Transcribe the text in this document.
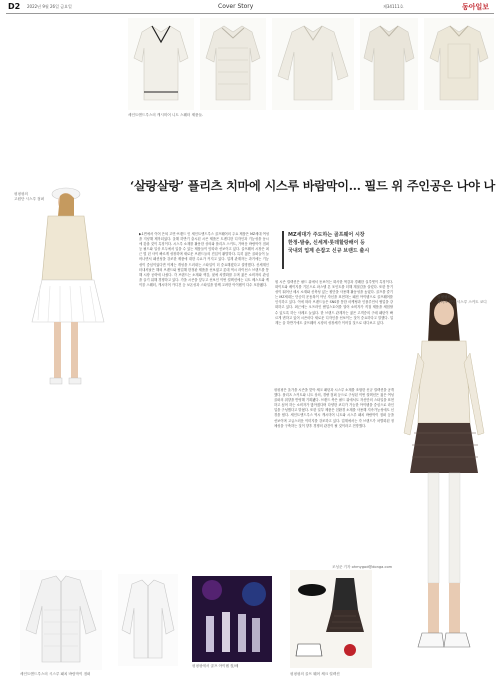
D2 2022년 9월 26일 금요일	Cover Story	제34111호	동아일보
세인트앤드루스의 캐시미어 니트 스웨터 제품들.
핑핑핑의
고원단 시스루 점퍼
핑핑핑의
체어크 원단 시스루 스커트 코디
‘살랑살랑’ 플리츠 치마에 시스루 바람막이… 필드 위 주인공은 나야 나
MZ세대가 주도하는 골프웨어 시장
한정-발송, 신세계·롯데할랑배이 등
국내외 업계 손잡고 신규 브랜드 출시
▶1면에서 이어 은퇴 고연·브랜드 인 세인트앤드루스 골프웨어의 주요 제품은 MZ세대 여성을 겨냥해 제작되었다. 올해 하반기 출시된 시즌 제품은 트렌디한 디자인과 기능성을 동시에 갖춘 것이 특징이다. 시스루 소재를 활용한 상의와 플리츠 스커트, 가벼운 바람막이 점퍼 등 필드와 일상 모두에서 입을 수 있는 제품들이 잇따라 선보이고 있다. 골프웨어 시장은 최근 몇 년 사이 빠르게 성장하며 새로운 브랜드들의 진입이 활발하다. 특히 젊은 골퍼들이 늘어나면서 패션성을 강조한 제품에 대한 수요가 커지고 있다. 업계 관계자는 과거에는 기능성이 중심이었다면 이제는 개성을 드러내는 스타일이 더 중요해졌다고 설명했다. 신세계인터내셔날은 해외 브랜드와 협업해 한정판 제품을 선보였고 롯데 역시 라이선스 브랜드를 통해 시장 공략에 나섰다. 각 브랜드는 소재와 색감, 핏에 차별화를 두며 젊은 소비자의 관심을 끌기 위해 경쟁하고 있다. 가을 시즌을 앞두고 선보인 이번 컬렉션에는 니트 베스트와 케이블 스웨터, 캐시미어 카디건 등 보온성과 스타일을 함께 고려한 아이템이 다수 포함됐다.
원 시즌 컬렉션은 필드 위에서 돋보이는 화사한 색감과 경쾌한 실루엣이 특징이다. 화이트와 베이지를 기본으로 파스텔 톤 포인트를 더해 계절감을 살렸다. 또한 통기성이 뛰어난 메시 소재와 신축성 있는 원단을 사용해 활동성을 높였다. 골프를 즐기는 MZ세대는 단순히 운동복이 아닌 자신을 표현하는 패션 아이템으로 골프웨어를 인식하고 있다. 이에 따라 브랜드들은 SNS를 통한 마케팅과 인플루언서 협업을 강화하고 있다. 최근에는 오프라인 팝업스토어를 열어 소비자가 직접 제품을 체험할 수 있도록 하는 사례도 늘었다. 한 브랜드 관계자는 젊은 고객층의 구매 패턴이 빠르게 변하고 있어 시즌마다 새로운 디자인을 선보이는 것이 중요하다고 말했다. 업계는 올 하반기에도 골프웨어 시장의 성장세가 이어질 것으로 내다보고 있다.
핑핑핑은 올가을 시즌을 맞아 체크 패턴과 시스루 소재를 조합한 신규 컬렉션을 공개했다. 플리츠 스커트와 니트 상의, 경량 점퍼 등으로 구성된 이번 컬렉션은 젊은 여성 골퍼의 취향을 반영해 기획됐다. 브랜드 측은 필드 위에서도 자신만의 스타일을 표현하고 싶어 하는 소비자가 많아졌다며 다양한 코디가 가능한 아이템을 중심으로 라인업을 구성했다고 밝혔다. 또한 일부 제품은 친환경 소재를 사용해 지속가능성에도 신경을 썼다. 세인트앤드루스 역시 캐시미어 니트와 시스루 패치 바람막이 점퍼 등을 선보이며 고급스러운 이미지를 강조하고 있다. 업계에서는 각 브랜드가 차별화된 정체성을 구축하는 것이 향후 경쟁의 관건이 될 것이라고 전망했다.
조성준 기자 ohmygod@donga.com
세인트앤드루스의 시스루 패치 바람막이 점퍼
핑핑핑에서 골프 아이템 컷/배
핑핑핑의 골프 웨어 체크 컬렉션
